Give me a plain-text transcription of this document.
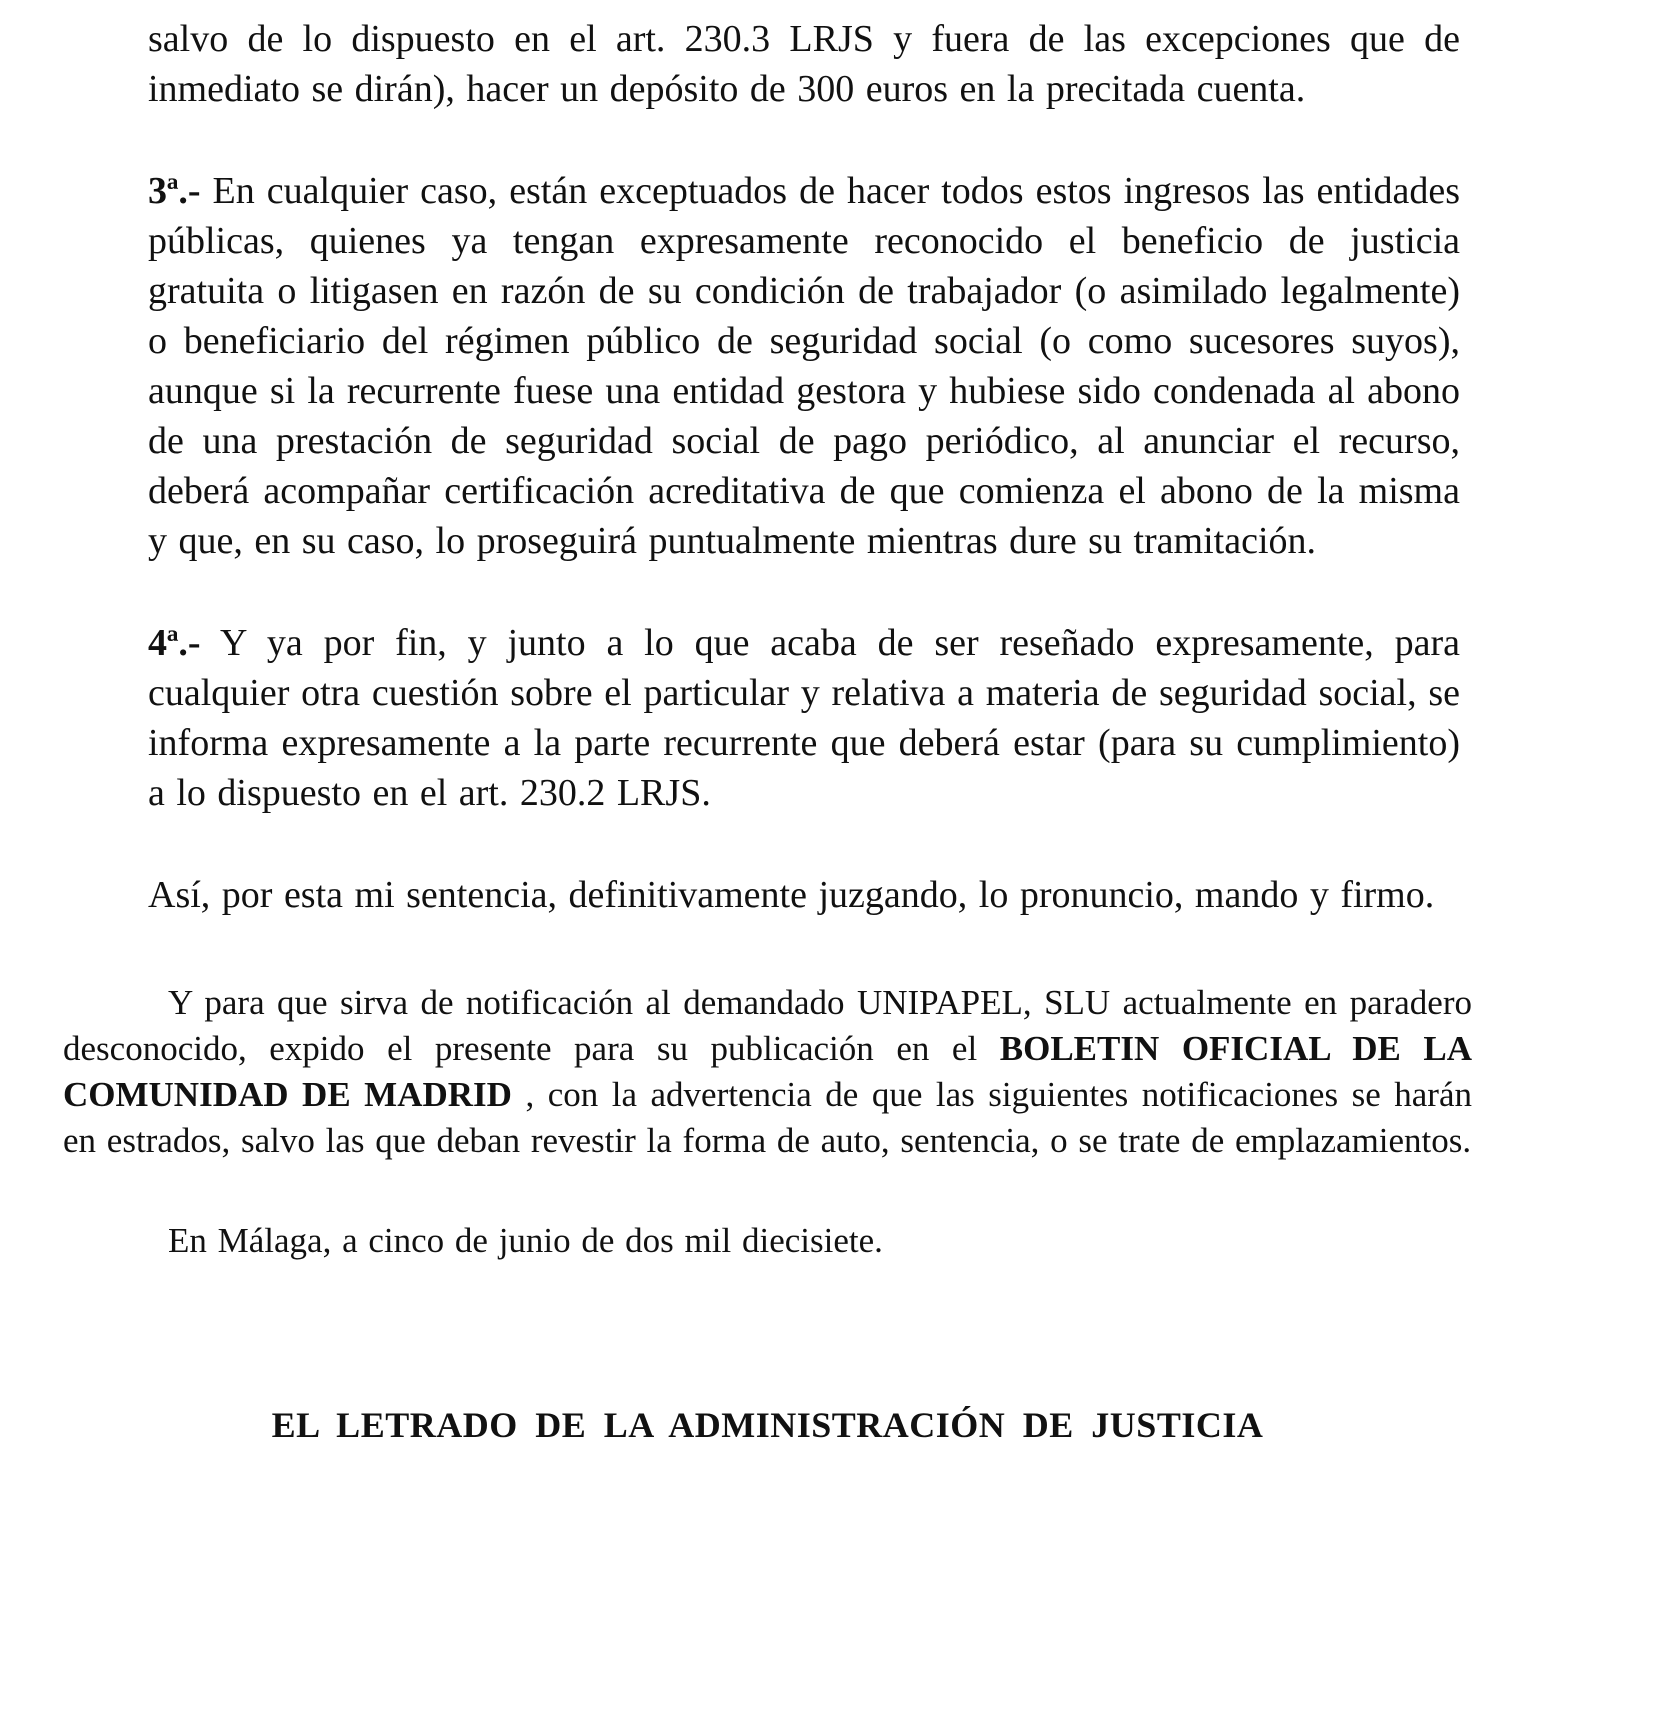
salvo de lo dispuesto en el art. 230.3 LRJS y fuera de las excepciones que de inmediato se dirán), hacer un depósito de 300 euros en la precitada cuenta.

3ª.- En cualquier caso, están exceptuados de hacer todos estos ingresos las entidades públicas, quienes ya tengan expresamente reconocido el beneficio de justicia gratuita o litigasen en razón de su condición de trabajador (o asimilado legalmente) o beneficiario del régimen público de seguridad social (o como sucesores suyos), aunque si la recurrente fuese una entidad gestora y hubiese sido condenada al abono de una prestación de seguridad social de pago periódico, al anunciar el recurso, deberá acompañar certificación acreditativa de que comienza el abono de la misma y que, en su caso, lo proseguirá puntualmente mientras dure su tramitación.

4ª.- Y ya por fin, y junto a lo que acaba de ser reseñado expresamente, para cualquier otra cuestión sobre el particular y relativa a materia de seguridad social, se informa expresamente a la parte recurrente que deberá estar (para su cumplimiento) a lo dispuesto en el art. 230.2 LRJS.

Así, por esta mi sentencia, definitivamente juzgando, lo pronuncio, mando y firmo.

Y para que sirva de notificación al demandado UNIPAPEL, SLU actualmente en paradero desconocido, expido el presente para su publicación en el BOLETIN OFICIAL DE LA COMUNIDAD DE MADRID , con la advertencia de que las siguientes notificaciones se harán en estrados, salvo las que deban revestir la forma de auto, sentencia, o se trate de emplazamientos.

En Málaga, a cinco de junio de dos mil diecisiete.

EL LETRADO DE LA ADMINISTRACIÓN DE JUSTICIA
